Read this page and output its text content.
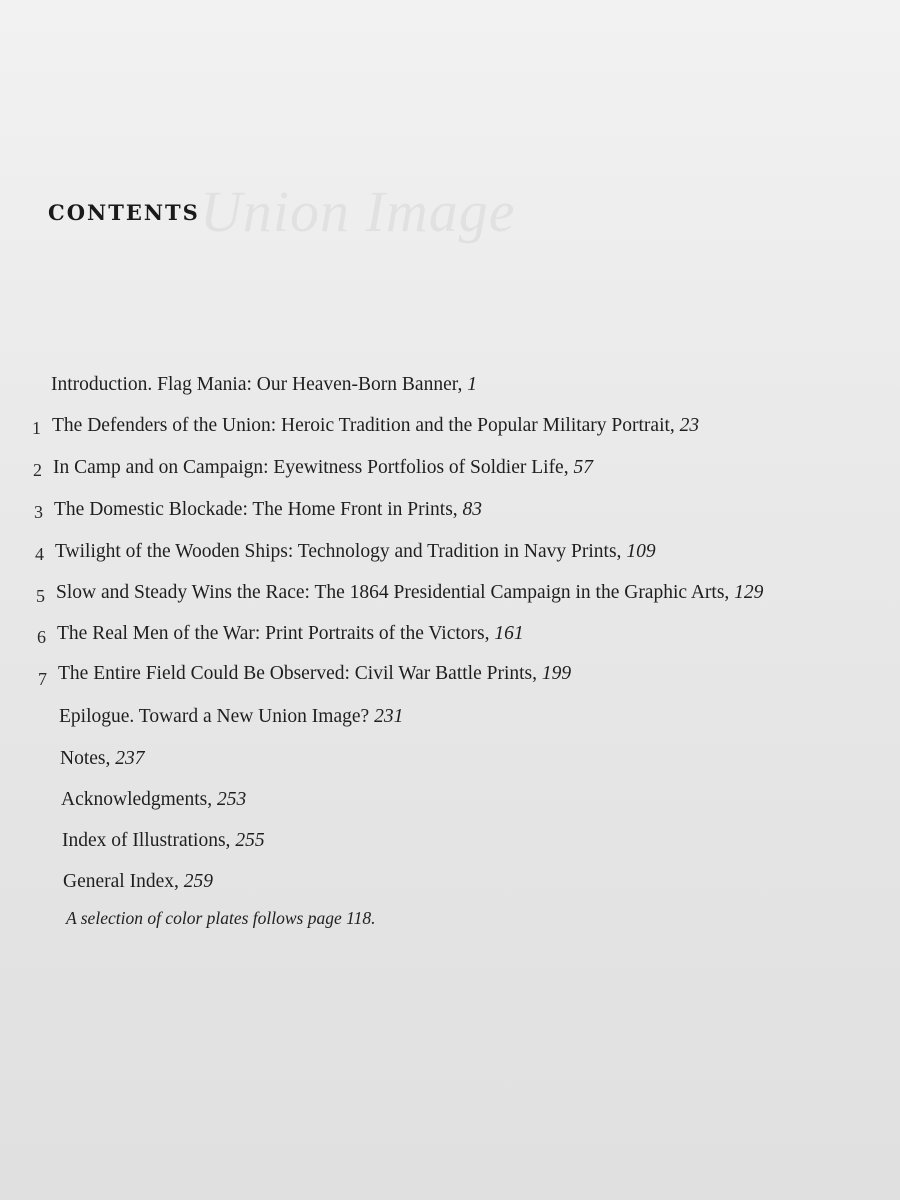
Union Image
CONTENTS
Introduction. Flag Mania: Our Heaven-Born Banner, 1
1 The Defenders of the Union: Heroic Tradition and the Popular Military Portrait, 23
2 In Camp and on Campaign: Eyewitness Portfolios of Soldier Life, 57
3 The Domestic Blockade: The Home Front in Prints, 83
4 Twilight of the Wooden Ships: Technology and Tradition in Navy Prints, 109
5 Slow and Steady Wins the Race: The 1864 Presidential Campaign in the Graphic Arts, 129
6 The Real Men of the War: Print Portraits of the Victors, 161
7 The Entire Field Could Be Observed: Civil War Battle Prints, 199
Epilogue. Toward a New Union Image? 231
Notes, 237
Acknowledgments, 253
Index of Illustrations, 255
General Index, 259
A selection of color plates follows page 118.
